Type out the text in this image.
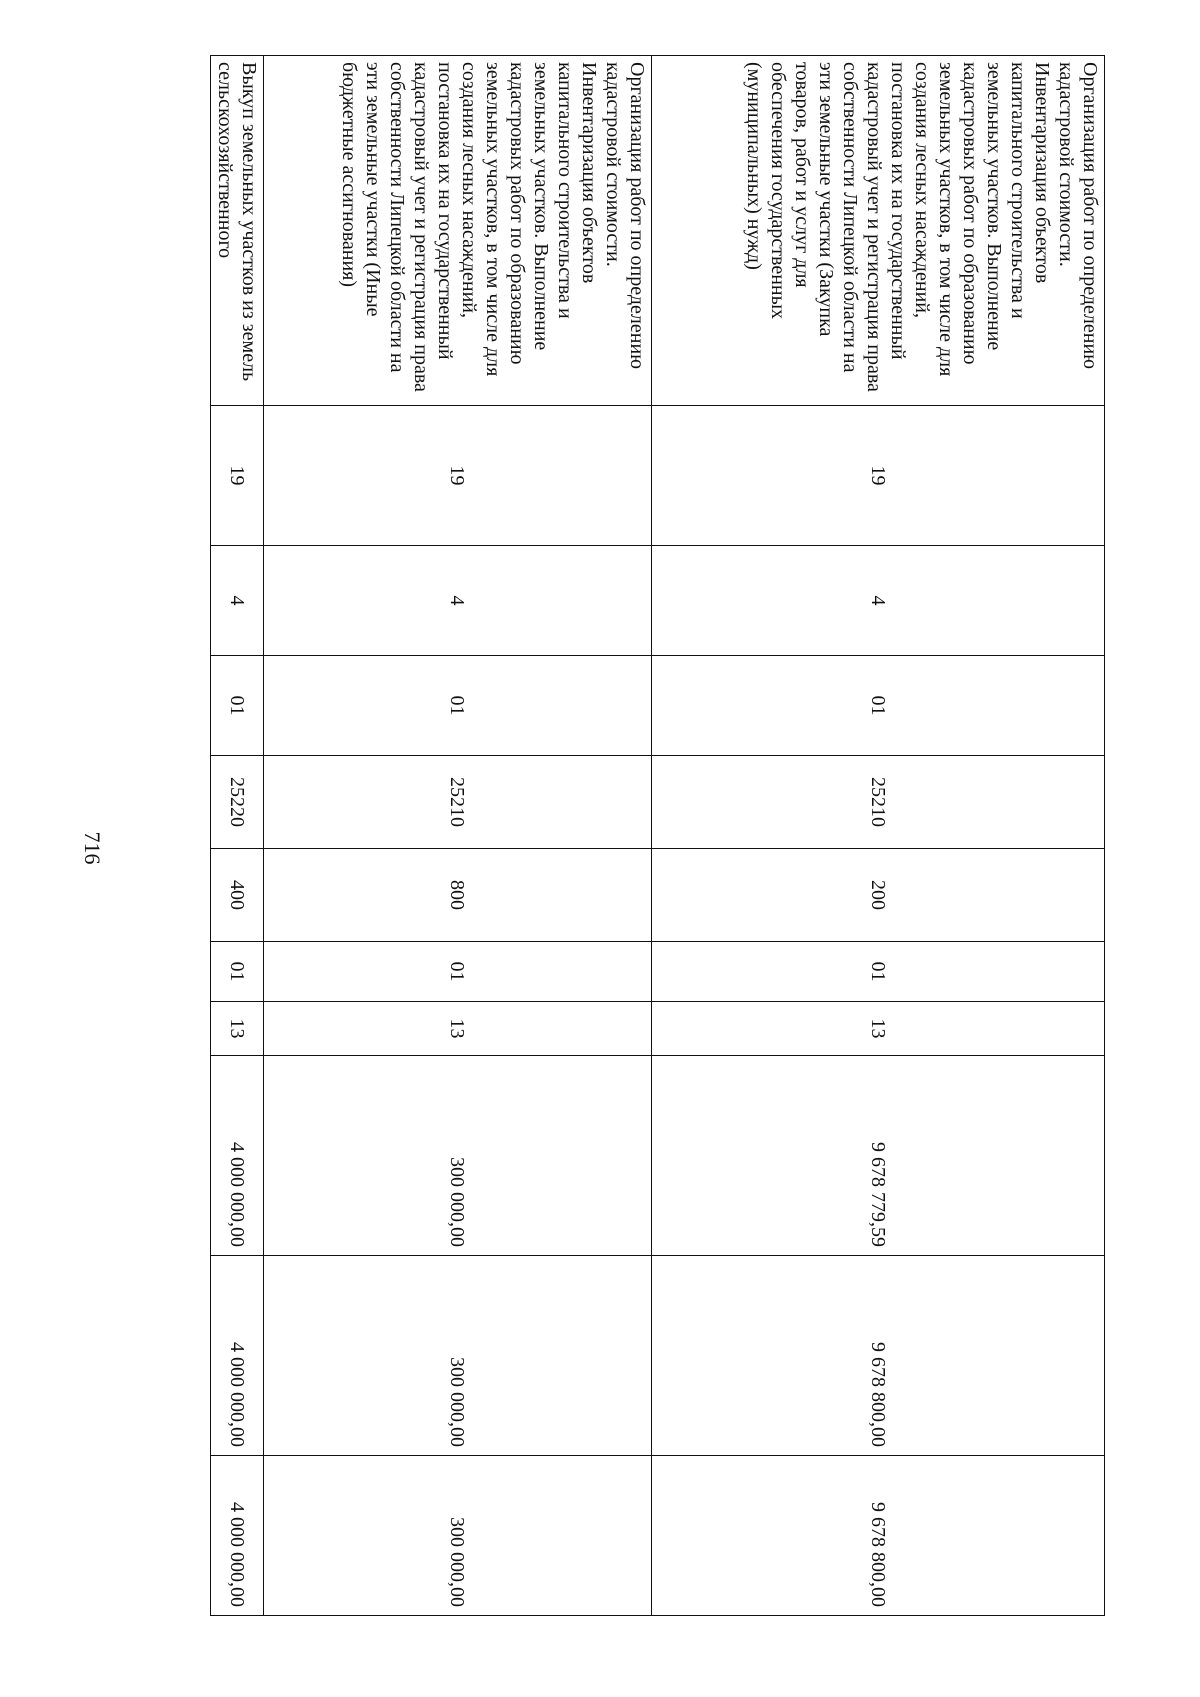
716
Организация работ по определению кадастровой стоимости. Инвентаризация объектов капитального строительства и земельных участков. Выполнение кадастровых работ по образованию земельных участков, в том числе для создания лесных насаждений, постановка их на государственный кадастровый учет и регистрация права собственности Липецкой области на эти земельные участки (Закупка товаров, работ и услуг для обеспечения государственных (муниципальных) нужд)	19	4	01	25210	200	01	13	9 678 779,59	9 678 800,00	9 678 800,00

Организация работ по определению кадастровой стоимости. Инвентаризация объектов капитального строительства и земельных участков. Выполнение кадастровых работ по образованию земельных участков, в том числе для создания лесных насаждений, постановка их на государственный кадастровый учет и регистрация права собственности Липецкой области на эти земельные участки (Иные бюджетные ассигнования)	19	4	01	25210	800	01	13	300 000,00	300 000,00	300 000,00

Выкуп земельных участков из земель сельскохозяйственного	19	4	01	25220	400	01	13	4 000 000,00	4 000 000,00	4 000 000,00
